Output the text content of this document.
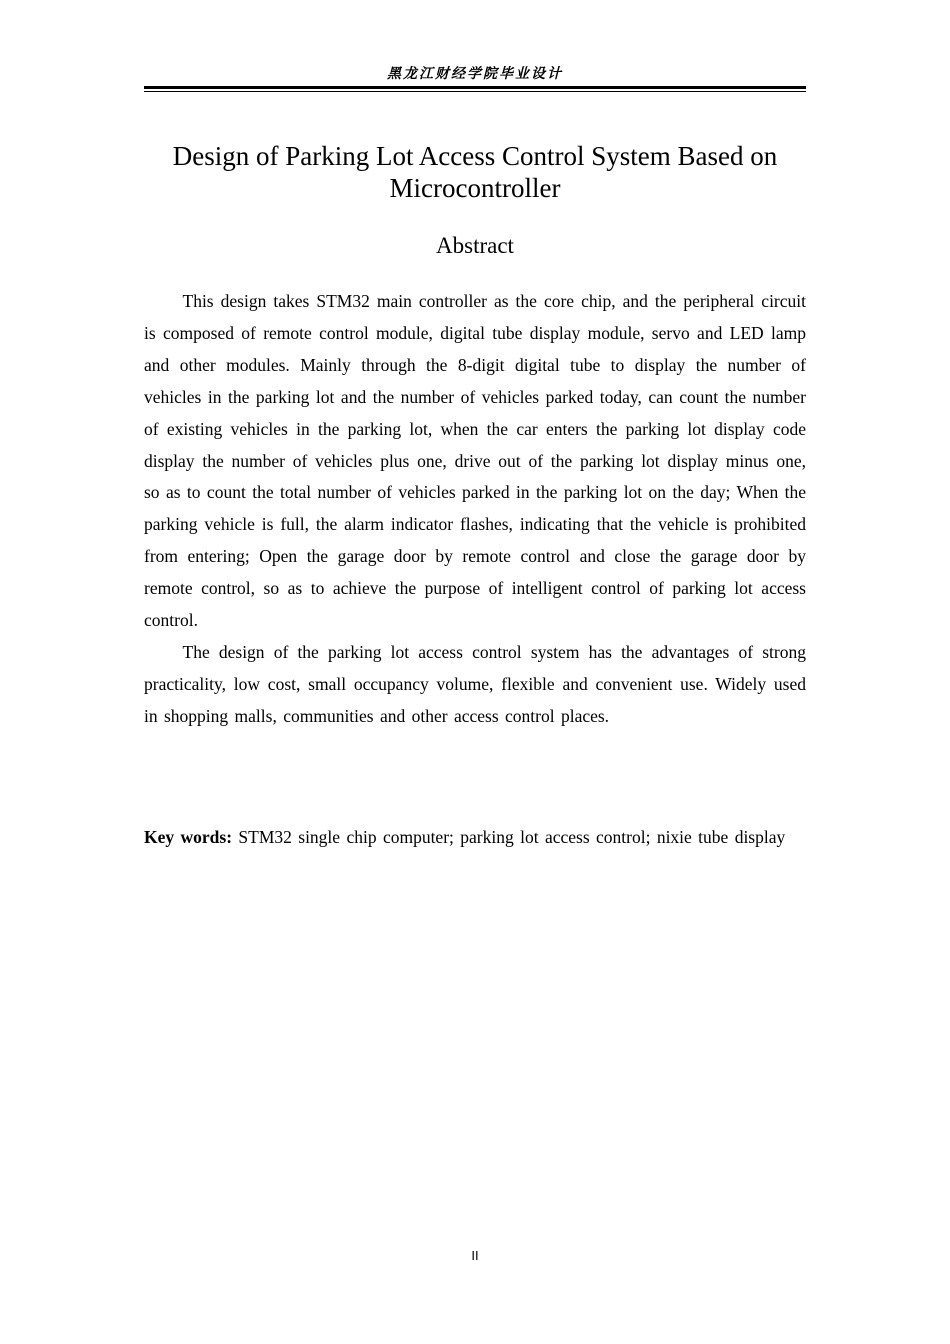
黑龙江财经学院毕业设计
Design of Parking Lot Access Control System Based on Microcontroller
Abstract

This design takes STM32 main controller as the core chip, and the peripheral circuit is composed of remote control module, digital tube display module, servo and LED lamp and other modules. Mainly through the 8-digit digital tube to display the number of vehicles in the parking lot and the number of vehicles parked today, can count the number of existing vehicles in the parking lot, when the car enters the parking lot display code display the number of vehicles plus one, drive out of the parking lot display minus one, so as to count the total number of vehicles parked in the parking lot on the day; When the parking vehicle is full, the alarm indicator flashes, indicating that the vehicle is prohibited from entering; Open the garage door by remote control and close the garage door by remote control, so as to achieve the purpose of intelligent control of parking lot access control.

The design of the parking lot access control system has the advantages of strong practicality, low cost, small occupancy volume, flexible and convenient use. Widely used in shopping malls, communities and other access control places.

Key words: STM32 single chip computer; parking lot access control; nixie tube display

II
